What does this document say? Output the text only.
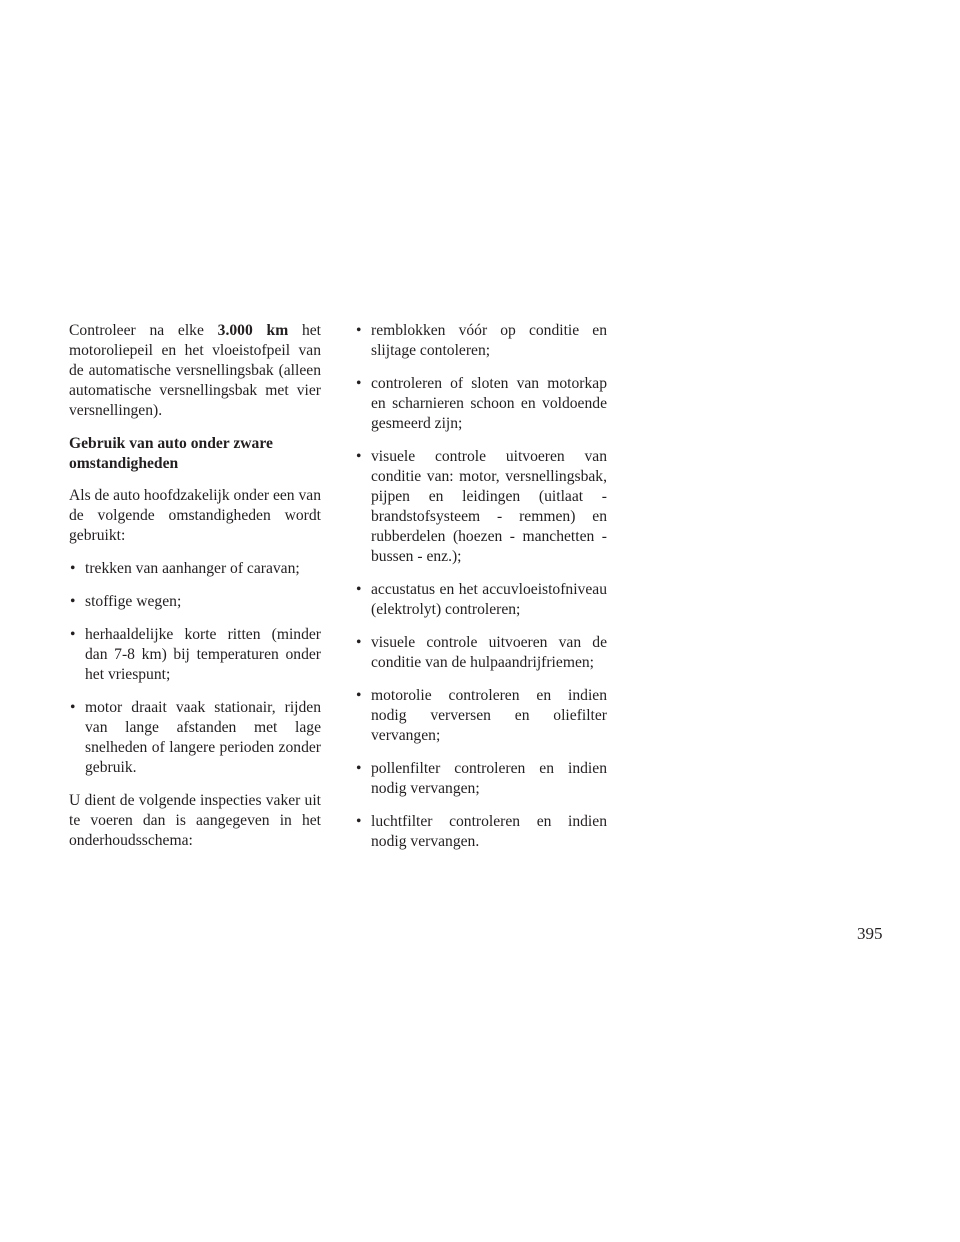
Controleer na elke 3.000 km het motoroliepeil en het vloeistofpeil van de automatische versnellingsbak (alleen automatische versnellingsbak met vier versnellingen).

Gebruik van auto onder zware omstandigheden

Als de auto hoofdzakelijk onder een van de volgende omstandigheden wordt gebruikt:

• trekken van aanhanger of caravan;
• stoffige wegen;
• herhaaldelijke korte ritten (minder dan 7-8 km) bij temperaturen onder het vriespunt;
• motor draait vaak stationair, rijden van lange afstanden met lage snelheden of langere perioden zonder gebruik.

U dient de volgende inspecties vaker uit te voeren dan is aangegeven in het onderhoudsschema:

• remblokken vóór op conditie en slijtage contoleren;
• controleren of sloten van motorkap en scharnieren schoon en voldoende gesmeerd zijn;
• visuele controle uitvoeren van conditie van: motor, versnellingsbak, pijpen en leidingen (uitlaat - brandstofsysteem - remmen) en rubberdelen (hoezen - manchetten - bussen - enz.);
• accustatus en het accuvloeistofniveau (elektrolyt) controleren;
• visuele controle uitvoeren van de conditie van de hulpaandrijfriemen;
• motorolie controleren en indien nodig verversen en oliefilter vervangen;
• pollenfilter controleren en indien nodig vervangen;
• luchtfilter controleren en indien nodig vervangen.
395
